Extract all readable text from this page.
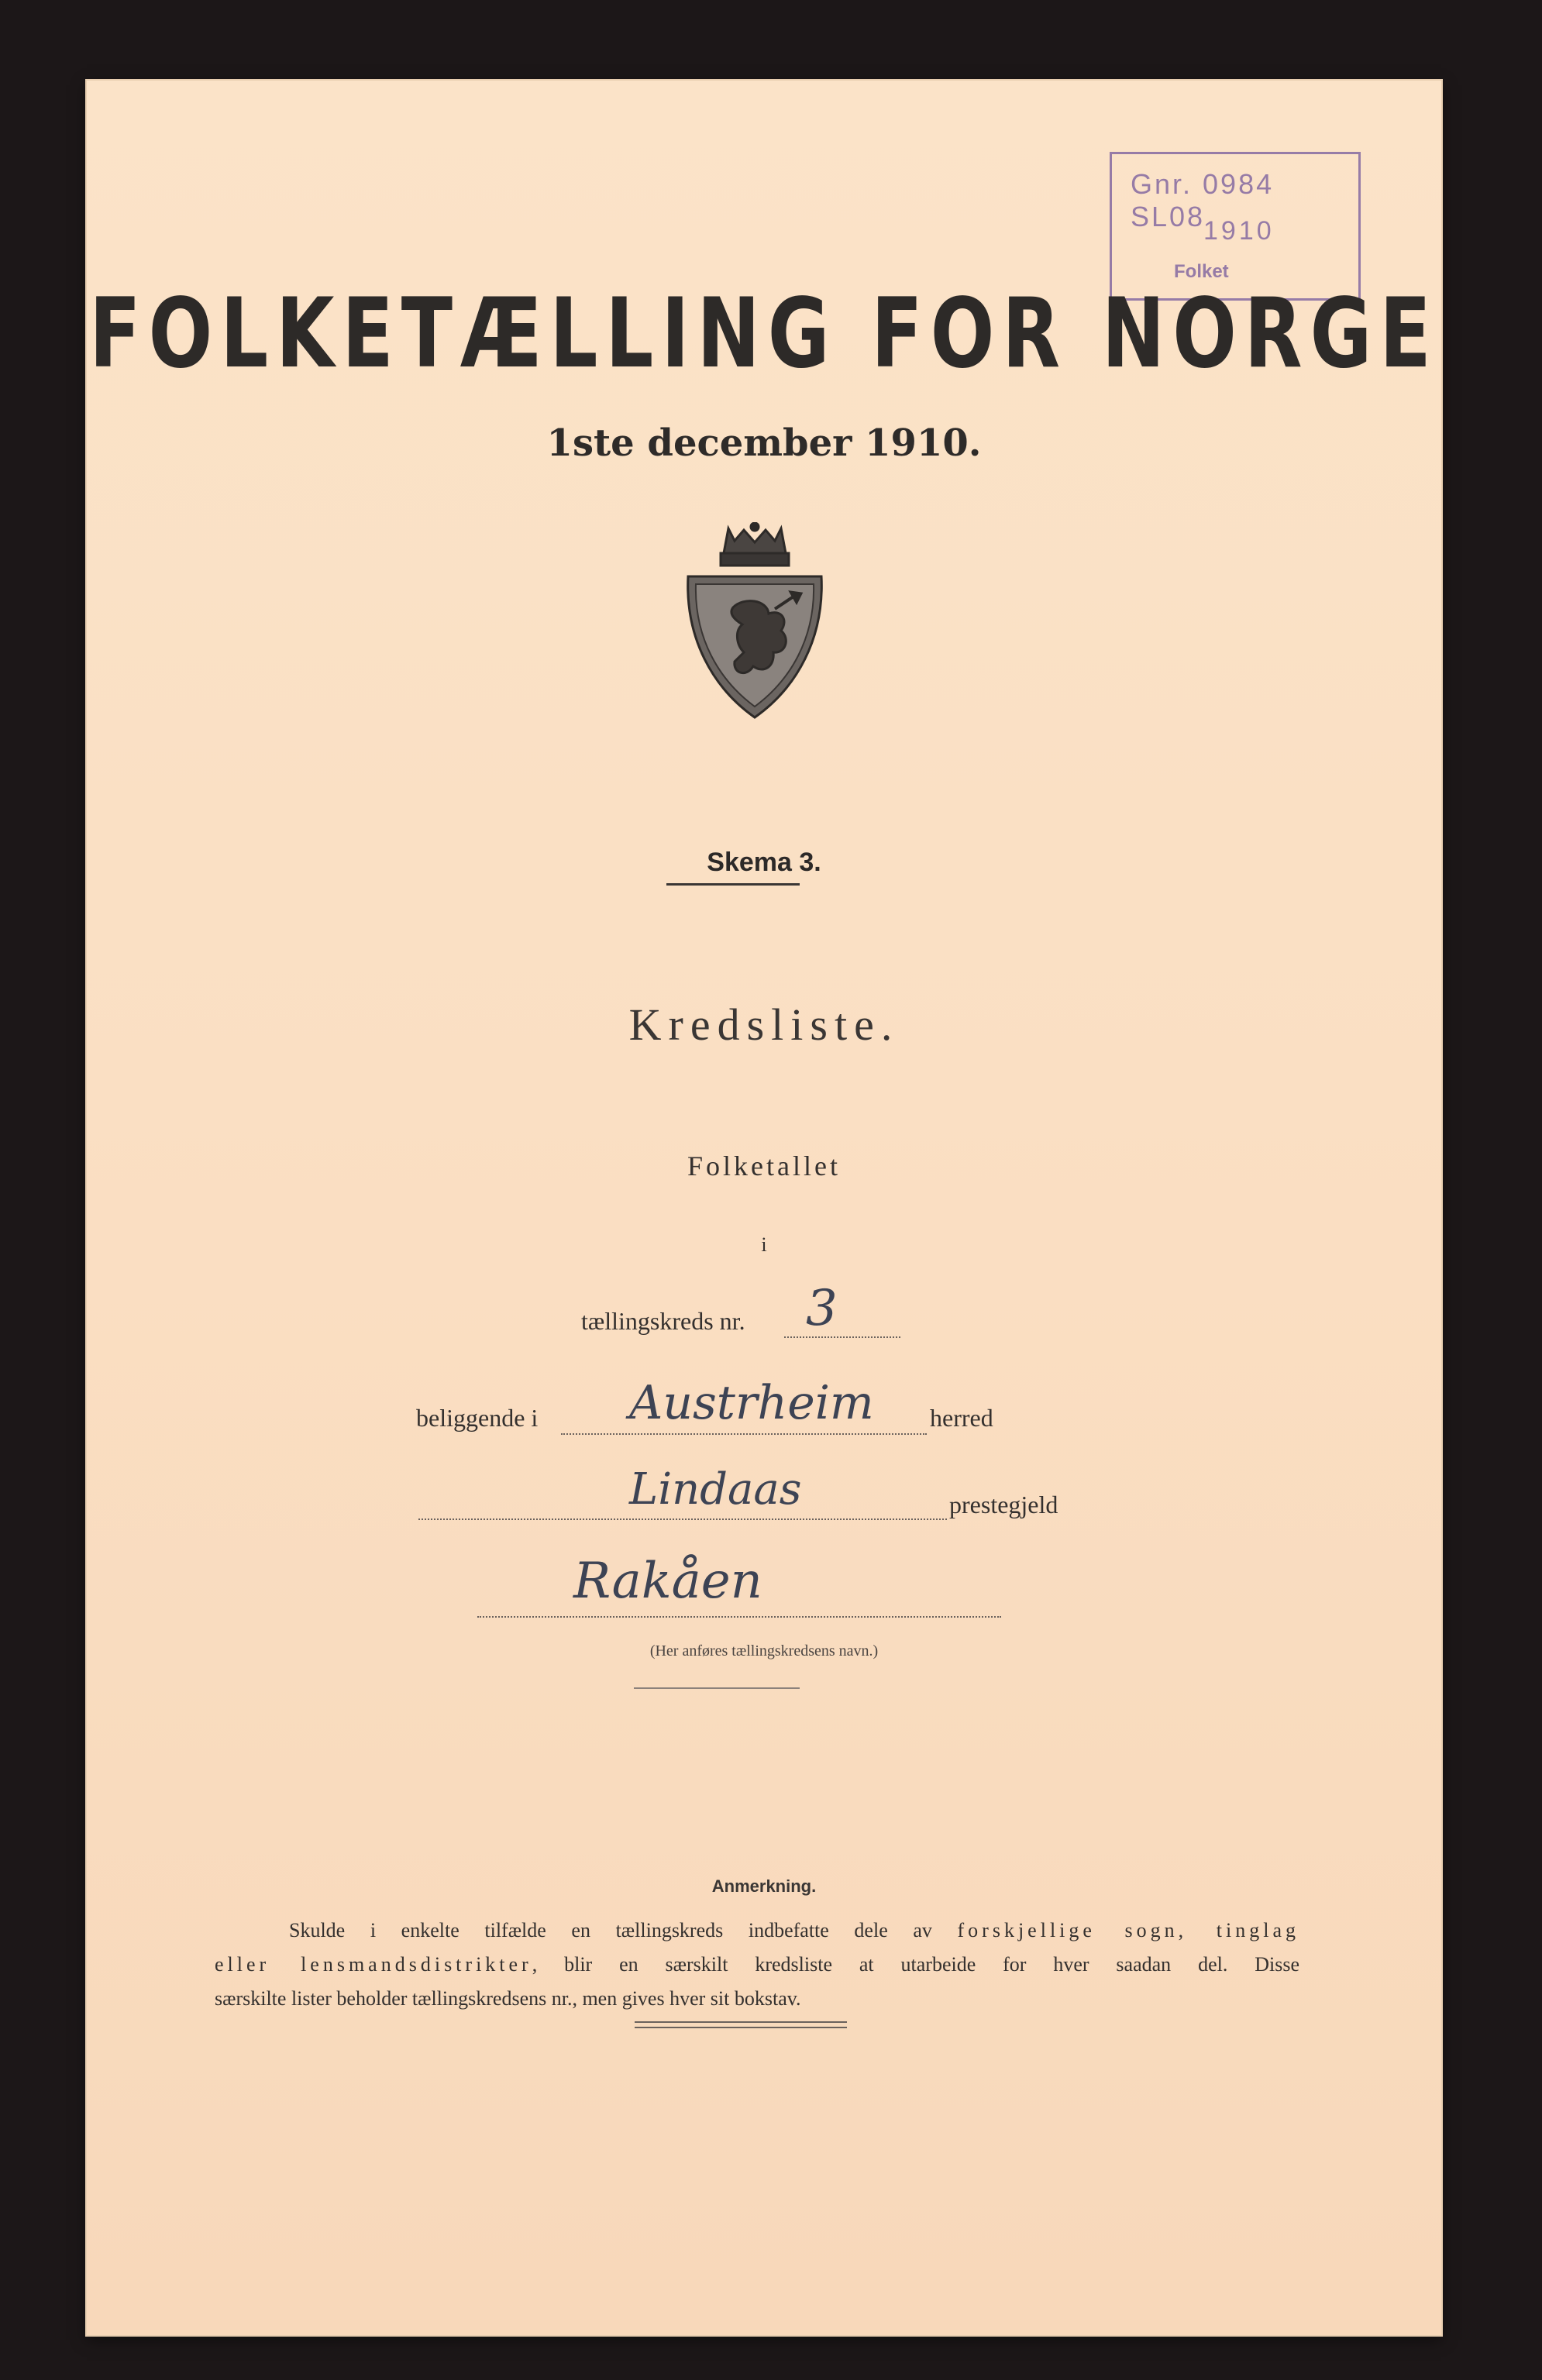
Gnr. 0984 SL08
1910
Folket
FOLKETÆLLING FOR NORGE
1ste december 1910.
Skema 3.
Kredsliste.
Folketallet
i
tællingskreds nr. 3
beliggende i Austrheim herred
Lindaas	prestegjeld
Rakåen
(Her anføres tællingskredsens navn.)
Anmerkning.

Skulde i enkelte tilfælde en tællingskreds indbefatte dele av forskjellige sogn, tinglag

eller lensmandsdistrikter, blir en særskilt kredsliste at utarbeide for hver saadan del. Disse

særskilte lister beholder tællingskredsens nr., men gives hver sit bokstav.
